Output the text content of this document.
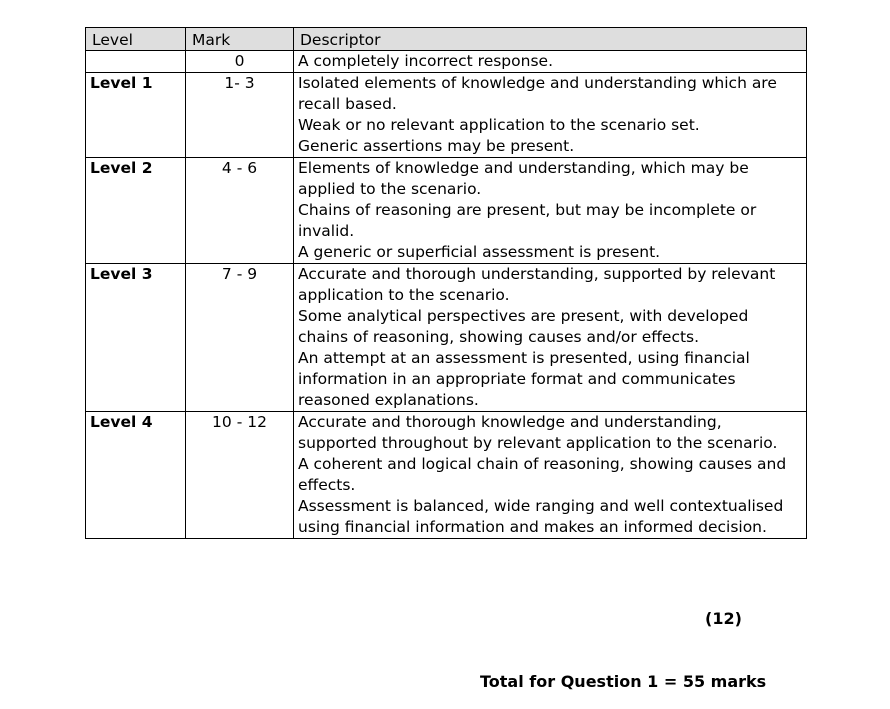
Level	Mark	Descriptor
	0	A completely incorrect response.

Level 1	1- 3	Isolated elements of knowledge and understanding which are recall based.
Weak or no relevant application to the scenario set.
Generic assertions may be present.

Level 2	4 - 6	Elements of knowledge and understanding, which may be applied to the scenario.
Chains of reasoning are present, but may be incomplete or invalid.
A generic or superficial assessment is present.

Level 3	7 - 9	Accurate and thorough understanding, supported by relevant application to the scenario.
Some analytical perspectives are present, with developed chains of reasoning, showing causes and/or effects.
An attempt at an assessment is presented, using financial information in an appropriate format and communicates reasoned explanations.

Level 4	10 - 12	Accurate and thorough knowledge and understanding, supported throughout by relevant application to the scenario.
A coherent and logical chain of reasoning, showing causes and effects.
Assessment is balanced, wide ranging and well contextualised using financial information and makes an informed decision.
(12)
Total for Question 1 = 55 marks
